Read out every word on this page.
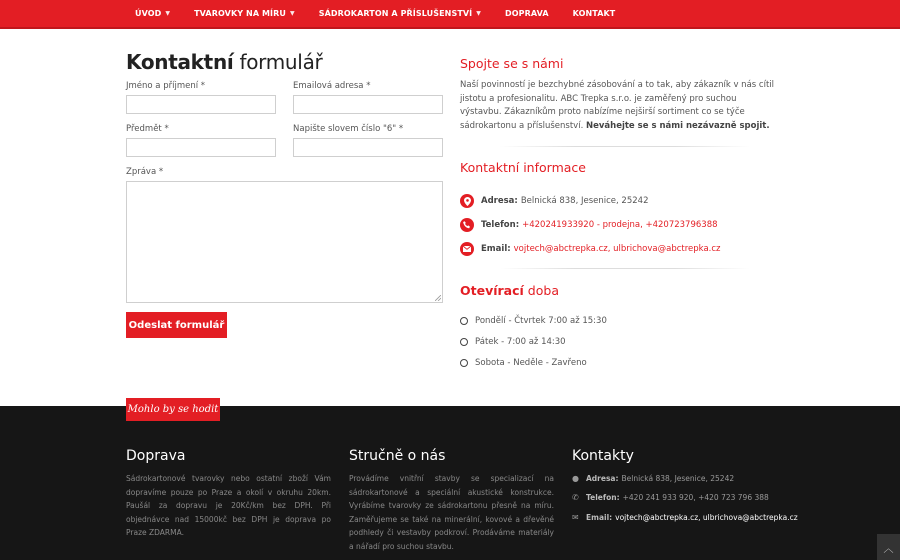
ÚVOD ▼	TVAROVKY NA MÍRU ▼	SÁDROKARTON A PŘÍSLUŠENSTVÍ ▼	DOPRAVA	KONTAKT
Kontaktní formulář
Jméno a příjmení *	Emailová adresa *
Předmět *	Napište slovem číslo "6" *
Zpráva *
Odeslat formulář
Spojte se s námi
Naší povinností je bezchybné zásobování a to tak, aby zákazník v nás cítil jistotu a profesionalitu. ABC Trepka s.r.o. je zaměřený pro suchou výstavbu. Zákazníkům proto nabízíme nejširší sortiment co se týče sádrokartonu a příslušenství. Neváhejte se s námi nezávazně spojit.
Kontaktní informace
Adresa: Belnická 838, Jesenice, 25242
Telefon: +420241933920 - prodejna, +420723796388
Email: vojtech@abctrepka.cz, ulbrichova@abctrepka.cz
Otevírací doba
Pondělí - Čtvrtek 7:00 až 15:30
Pátek - 7:00 až 14:30
Sobota - Neděle - Zavřeno
Mohlo by se hodit
Doprava
Sádrokartonové tvarovky nebo ostatní zboží Vám dopravíme pouze po Praze a okolí v okruhu 20km. Paušál za dopravu je 20Kč/km bez DPH. Při objednávce nad 15000kč bez DPH je doprava po Praze ZDARMA.
Stručně o nás
Provádíme vnitřní stavby se specializací na sádrokartonové a speciální akustické konstrukce. Vyrábíme tvarovky ze sádrokartonu přesně na míru. Zaměřujeme se také na minerální, kovové a dřevěné podhledy či vestavby podkroví. Prodáváme materiály a nářadí pro suchou stavbu.
Kontakty
● Adresa: Belnická 838, Jesenice, 25242
✆ Telefon: +420 241 933 920, +420 723 796 388
✉ Email: vojtech@abctrepka.cz, ulbrichova@abctrepka.cz
︿
